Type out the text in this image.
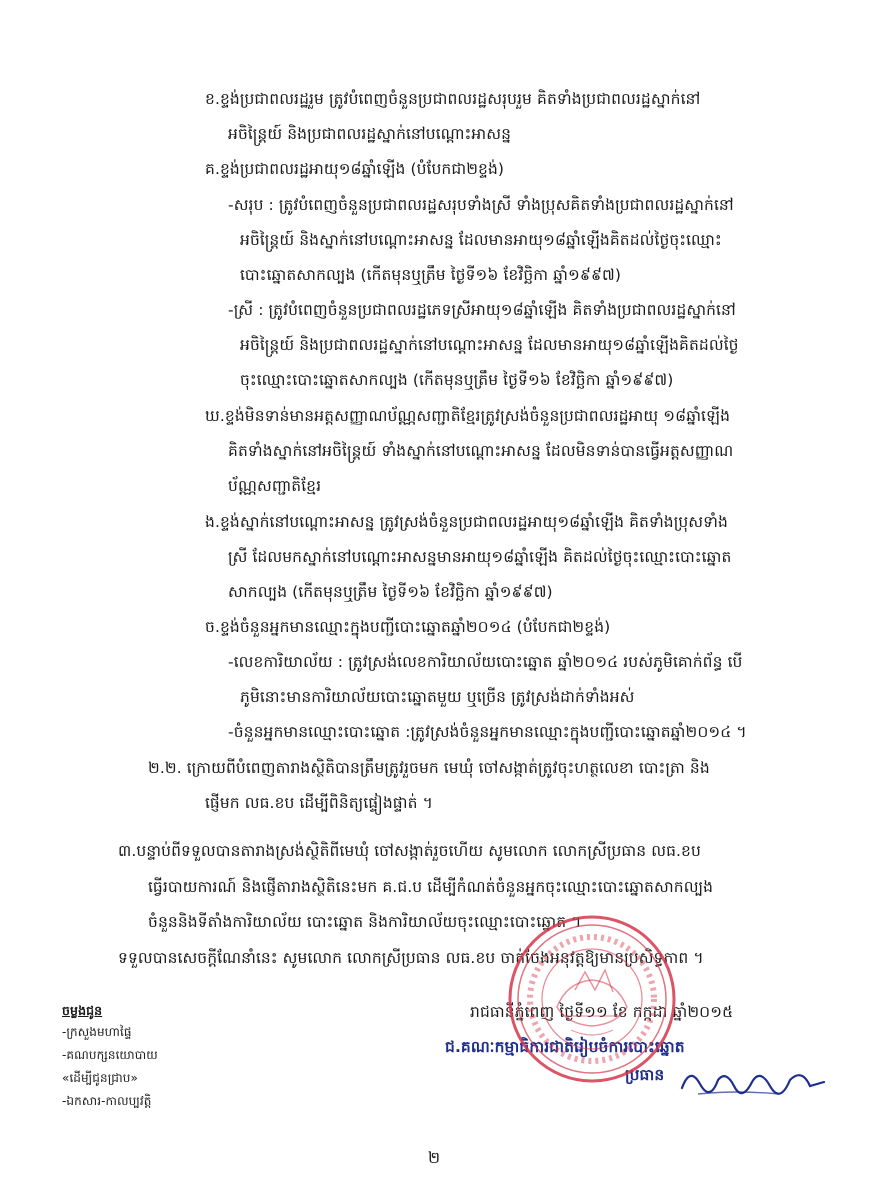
ខ.ខ្ទង់ប្រជាពលរដ្ឋរួម ត្រូវបំពេញចំនួនប្រជាពលរដ្ឋសរុបរួម គិតទាំងប្រជាពលរដ្ឋស្នាក់នៅ
អចិន្ត្រៃយ៍ និងប្រជាពលរដ្ឋស្នាក់នៅបណ្ដោះអាសន្ន
គ.ខ្ទង់ប្រជាពលរដ្ឋអាយុ១៨ឆ្នាំឡើង (បំបែកជា២ខ្ទង់)
-សរុប : ត្រូវបំពេញចំនួនប្រជាពលរដ្ឋសរុបទាំងស្រី ទាំងប្រុសគិតទាំងប្រជាពលរដ្ឋស្នាក់នៅ
អចិន្ត្រៃយ៍ និងស្នាក់នៅបណ្ដោះអាសន្ន ដែលមានអាយុ១៨ឆ្នាំឡើងគិតដល់ថ្ងៃចុះឈ្មោះ
បោះឆ្នោតសាកល្បង (កើតមុនឬត្រឹម ថ្ងៃទី១៦ ខែវិច្ឆិកា ឆ្នាំ១៩៩៧)
-ស្រី : ត្រូវបំពេញចំនួនប្រជាពលរដ្ឋភេទស្រីអាយុ១៨ឆ្នាំឡើង គិតទាំងប្រជាពលរដ្ឋស្នាក់នៅ
អចិន្ត្រៃយ៍ និងប្រជាពលរដ្ឋស្នាក់នៅបណ្ដោះអាសន្ន ដែលមានអាយុ១៨ឆ្នាំឡើងគិតដល់ថ្ងៃ
ចុះឈ្មោះបោះឆ្នោតសាកល្បង (កើតមុនឬត្រឹម ថ្ងៃទី១៦ ខែវិច្ឆិកា ឆ្នាំ១៩៩៧)
ឃ.ខ្ទង់មិនទាន់មានអត្តសញ្ញាណប័ណ្ណសញ្ជាតិខ្មែរត្រូវស្រង់ចំនួនប្រជាពលរដ្ឋអាយុ ១៨ឆ្នាំឡើង
គិតទាំងស្នាក់នៅអចិន្ត្រៃយ៍ ទាំងស្នាក់នៅបណ្ដោះអាសន្ន ដែលមិនទាន់បានធ្វើអត្តសញ្ញាណ
ប័ណ្ណសញ្ជាតិខ្មែរ
ង.ខ្ទង់ស្នាក់នៅបណ្ដោះអាសន្ន ត្រូវស្រង់ចំនួនប្រជាពលរដ្ឋអាយុ១៨ឆ្នាំឡើង គិតទាំងប្រុសទាំង
ស្រី ដែលមកស្នាក់នៅបណ្ដោះអាសន្នមានអាយុ១៨ឆ្នាំឡើង គិតដល់ថ្ងៃចុះឈ្មោះបោះឆ្នោត
សាកល្បង (កើតមុនឬត្រឹម ថ្ងៃទី១៦ ខែវិច្ឆិកា ឆ្នាំ១៩៩៧)
ច.ខ្ទង់ចំនួនអ្នកមានឈ្មោះក្នុងបញ្ជីបោះឆ្នោតឆ្នាំ២០១៤ (បំបែកជា២ខ្ទង់)
-លេខការិយាល័យ : ត្រូវស្រង់លេខការិយាល័យបោះឆ្នោត ឆ្នាំ២០១៤ របស់ភូមិគោក់ព័ន្ធ បើ
ភូមិនោះមានការិយាល័យបោះឆ្នោតមួយ ឬច្រើន ត្រូវស្រង់ដាក់ទាំងអស់
-ចំនួនអ្នកមានឈ្មោះបោះឆ្នោត :ត្រូវស្រង់ចំនួនអ្នកមានឈ្មោះក្នុងបញ្ជីបោះឆ្នោតឆ្នាំ២០១៤ ។
២.២. ក្រោយពីបំពេញតារាងស្ថិតិបានត្រឹមត្រូវរួចមក មេឃុំ ចៅសង្កាត់ត្រូវចុះហត្ថលេខា បោះត្រា និង
ផ្ញើមក លធ.ខប ដើម្បីពិនិត្យផ្ទៀងផ្ទាត់ ។
៣.បន្ទាប់ពីទទួលបានតារាងស្រង់ស្ថិតិពីមេឃុំ ចៅសង្កាត់រួចហើយ សូមលោក លោកស្រីប្រធាន លធ.ខប
ធ្វើរបាយការណ៍ និងផ្ញើតារាងស្ថិតិនេះមក គ.ជ.ប ដើម្បីកំណត់ចំនួនអ្នកចុះឈ្មោះបោះឆ្នោតសាកល្បង
ចំនួននិងទីតាំងការិយាល័យ បោះឆ្នោត និងការិយាល័យចុះឈ្មោះបោះឆ្នោត ។
ទទួលបានសេចក្ដីណែនាំនេះ សូមលោក លោកស្រីប្រធាន លធ.ខប ចាត់ចែងអនុវត្តឱ្យមានប្រសិទ្ធភាព ។
រាជធានីភ្នំពេញ ថ្ងៃទី១១ ខែ កក្កដា ឆ្នាំ២០១៥
ជ.គណៈកម្មាធិការជាតិរៀបចំការបោះឆ្នោត
ប្រធាន
ចម្លងជូន
-ក្រសួងមហាផ្ទៃ
-គណបក្សនយោបាយ
«ដើម្បីជូនជ្រាប»
-ឯកសារ-កាលប្បវត្តិ
២
